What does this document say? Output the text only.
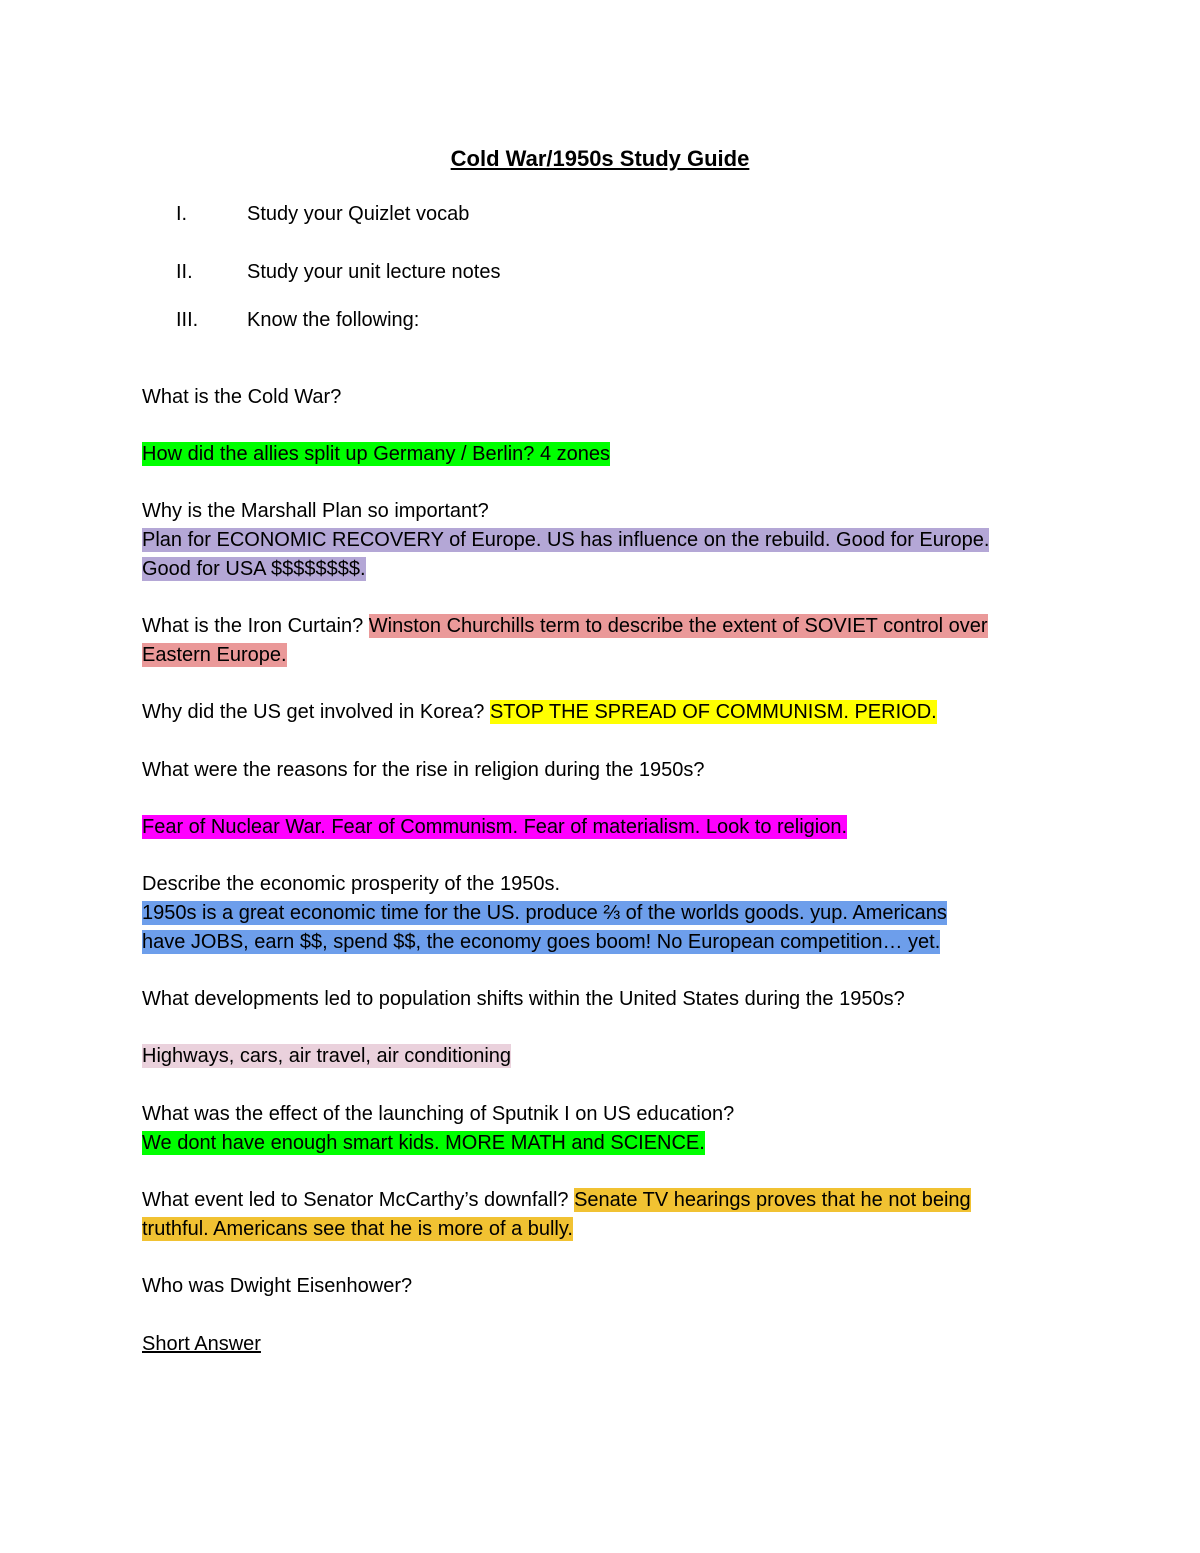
Cold War/1950s Study Guide
I.	Study your Quizlet vocab
II.	Study your unit lecture notes
III. Know the following:
What is the Cold War?
How did the allies split up Germany / Berlin? 4 zones
Why is the Marshall Plan so important?
Plan for ECONOMIC RECOVERY of Europe. US has influence on the rebuild. Good for Europe.
Good for USA $$$$$$$$.
What is the Iron Curtain? Winston Churchills term to describe the extent of SOVIET control over
Eastern Europe.
Why did the US get involved in Korea? STOP THE SPREAD OF COMMUNISM. PERIOD.
What were the reasons for the rise in religion during the 1950s?
Fear of Nuclear War. Fear of Communism. Fear of materialism. Look to religion.
Describe the economic prosperity of the 1950s.
1950s is a great economic time for the US. produce ⅔ of the worlds goods. yup. Americans
have JOBS, earn $$, spend $$, the economy goes boom! No European competition… yet.
What developments led to population shifts within the United States during the 1950s?
Highways, cars, air travel, air conditioning
What was the effect of the launching of Sputnik I on US education?
We dont have enough smart kids. MORE MATH and SCIENCE.
What event led to Senator McCarthy’s downfall? Senate TV hearings proves that he not being
truthful. Americans see that he is more of a bully.
Who was Dwight Eisenhower?
Short Answer
